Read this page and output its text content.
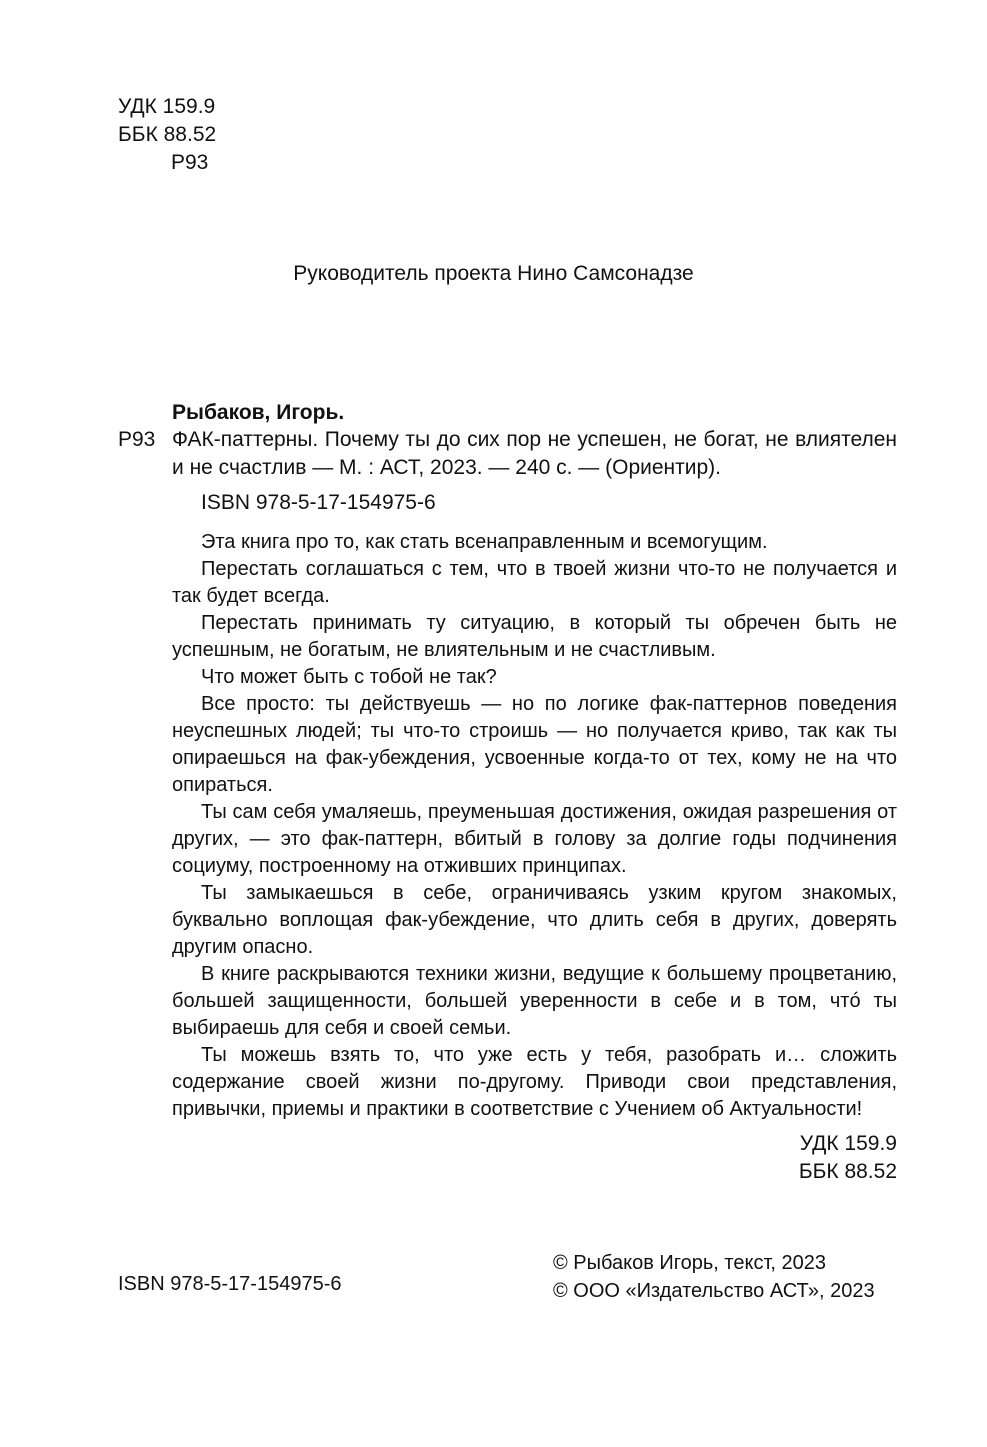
УДК 159.9
ББК 88.52
Р93
Руководитель проекта Нино Самсонадзе
Рыбаков, Игорь.
Р93 ФАК-паттерны. Почему ты до сих пор не успешен, не богат, не влиятелен и не счастлив — М. : АСТ, 2023. — 240 с. — (Ориентир).
ISBN 978-5-17-154975-6

Эта книга про то, как стать всенаправленным и всемогущим.

Перестать соглашаться с тем, что в твоей жизни что-то не получается и так будет всегда.

Перестать принимать ту ситуацию, в который ты обречен быть не успешным, не богатым, не влиятельным и не счастливым.

Что может быть с тобой не так?

Все просто: ты действуешь — но по логике фак-паттернов поведения неуспешных людей; ты что-то строишь — но получается криво, так как ты опираешься на фак-убеждения, усвоенные когда-то от тех, кому не на что опираться.

Ты сам себя умаляешь, преуменьшая достижения, ожидая разрешения от других, — это фак-паттерн, вбитый в голову за долгие годы подчинения социуму, построенному на отживших принципах.

Ты замыкаешься в себе, ограничиваясь узким кругом знакомых, буквально воплощая фак-убеждение, что длить себя в других, доверять другим опасно.

В книге раскрываются техники жизни, ведущие к большему процветанию, большей защищенности, большей уверенности в себе и в том, чтó ты выбираешь для себя и своей семьи.

Ты можешь взять то, что уже есть у тебя, разобрать и… сложить содержание своей жизни по-другому. Приводи свои представления, привычки, приемы и практики в соответствие с Учением об Актуальности!

УДК 159.9
ББК 88.52
ISBN 978-5-17-154975-6
© Рыбаков Игорь, текст, 2023
© ООО «Издательство АСТ», 2023
